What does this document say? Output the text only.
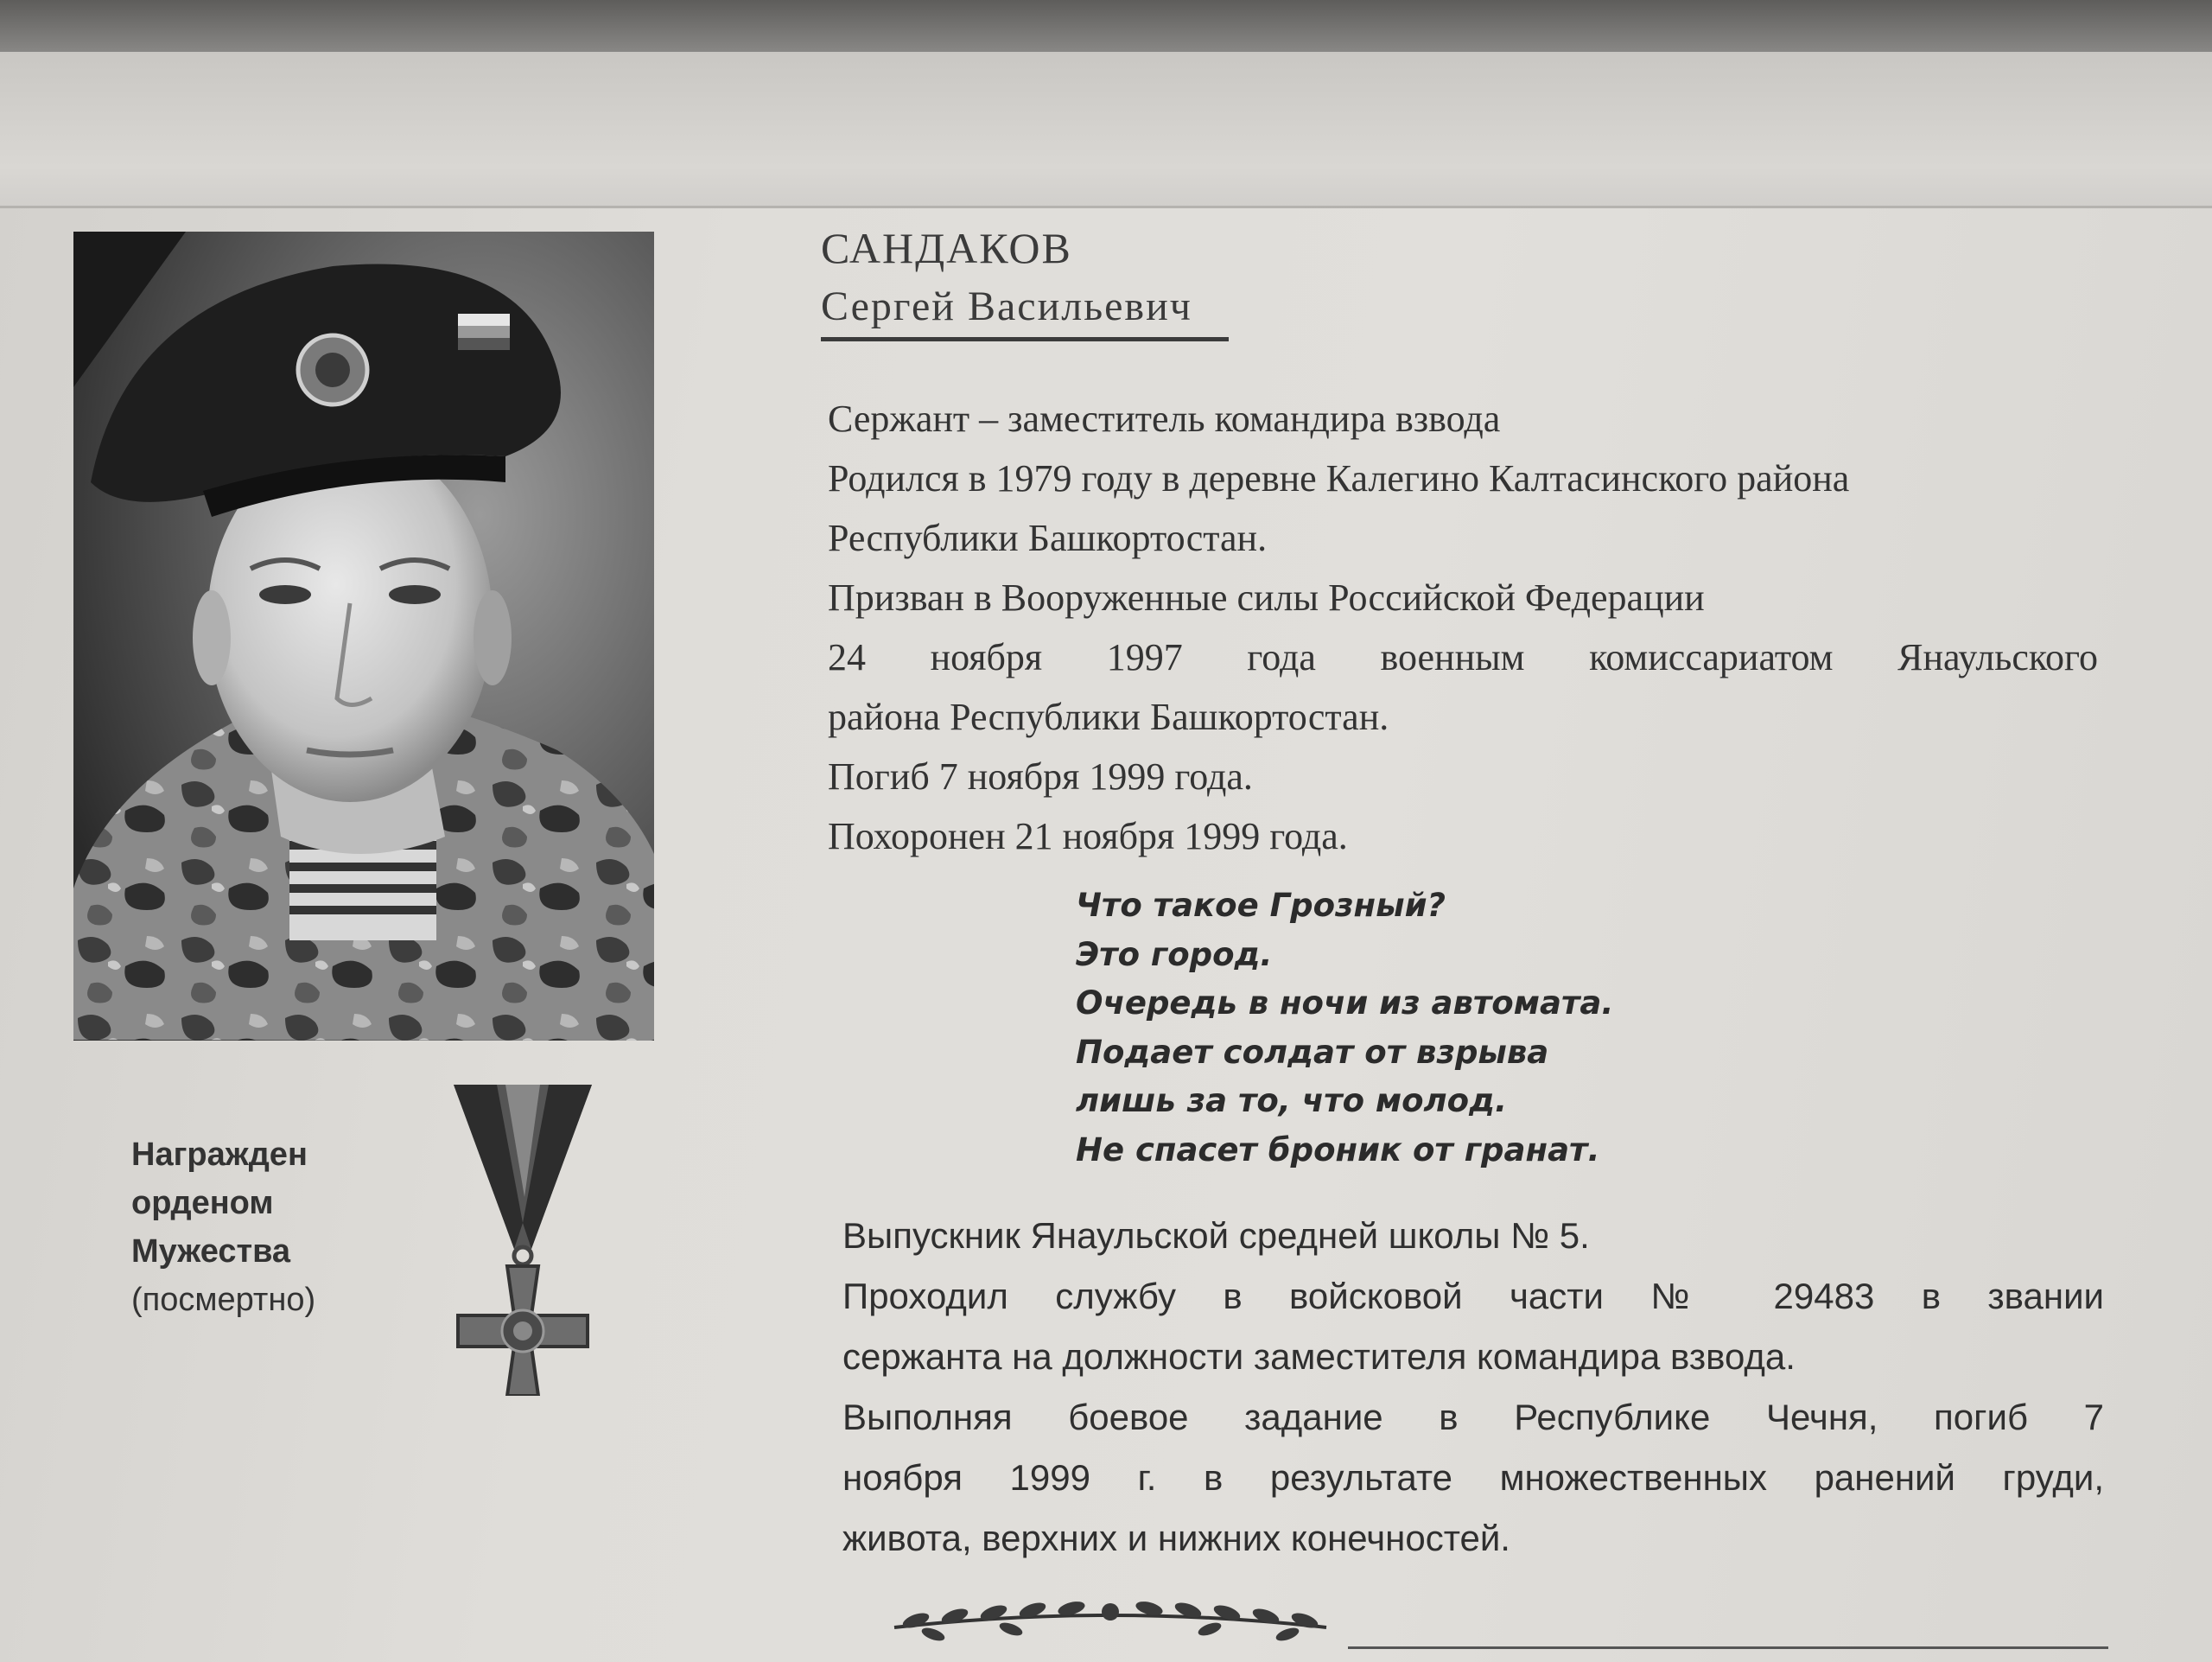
САНДАКОВ
Сергей Васильевич
Сержант – заместитель командира взвода
Родился в 1979 году в деревне Калегино Калтасинского района
Республики Башкортостан.
Призван в Вооруженные силы Российской Федерации
24 ноября 1997 года военным комиссариатом Янаульского
района Республики Башкортостан.
Погиб 7 ноября 1999 года.
Похоронен 21 ноября 1999 года.
Что такое Грозный?
Это город.
Очередь в ночи из автомата.
Подает солдат от взрыва
лишь за то, что молод.
Не спасет броник от гранат.
Награжден
орденом
Мужества
(посмертно)
Выпускник Янаульской средней школы № 5.
Проходил службу в войсковой части № 29483 в звании
сержанта на должности заместителя командира взвода.
Выполняя боевое задание в Республике Чечня, погиб 7
ноября 1999 г. в результате множественных ранений груди,
живота, верхних и нижних конечностей.
